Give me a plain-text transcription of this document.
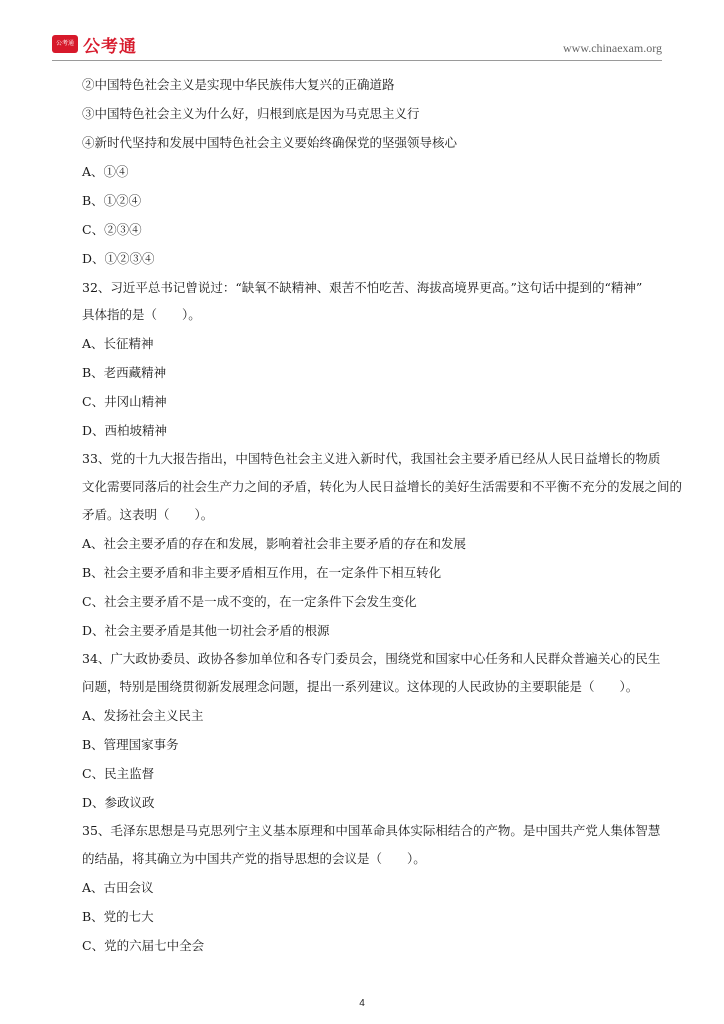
公考通 公考通	www.chinaexam.org
②中国特色社会主义是实现中华民族伟大复兴的正确道路
③中国特色社会主义为什么好，归根到底是因为马克思主义行
④新时代坚持和发展中国特色社会主义要始终确保党的坚强领导核心
A、①④
B、①②④
C、②③④
D、①②③④
32、习近平总书记曾说过：“缺氧不缺精神、艰苦不怕吃苦、海拔高境界更高。”这句话中提到的“精神”
具体指的是（　　）。
A、长征精神
B、老西藏精神
C、井冈山精神
D、西柏坡精神
33、党的十九大报告指出，中国特色社会主义进入新时代，我国社会主要矛盾已经从人民日益增长的物质
文化需要同落后的社会生产力之间的矛盾，转化为人民日益增长的美好生活需要和不平衡不充分的发展之间的
矛盾。这表明（　　）。
A、社会主要矛盾的存在和发展，影响着社会非主要矛盾的存在和发展
B、社会主要矛盾和非主要矛盾相互作用，在一定条件下相互转化
C、社会主要矛盾不是一成不变的，在一定条件下会发生变化
D、社会主要矛盾是其他一切社会矛盾的根源
34、广大政协委员、政协各参加单位和各专门委员会，围绕党和国家中心任务和人民群众普遍关心的民生
问题，特别是围绕贯彻新发展理念问题，提出一系列建议。这体现的人民政协的主要职能是（　　）。
A、发扬社会主义民主
B、管理国家事务
C、民主监督
D、参政议政
35、毛泽东思想是马克思列宁主义基本原理和中国革命具体实际相结合的产物。是中国共产党人集体智慧
的结晶，将其确立为中国共产党的指导思想的会议是（　　）。
A、古田会议
B、党的七大
C、党的六届七中全会
4
